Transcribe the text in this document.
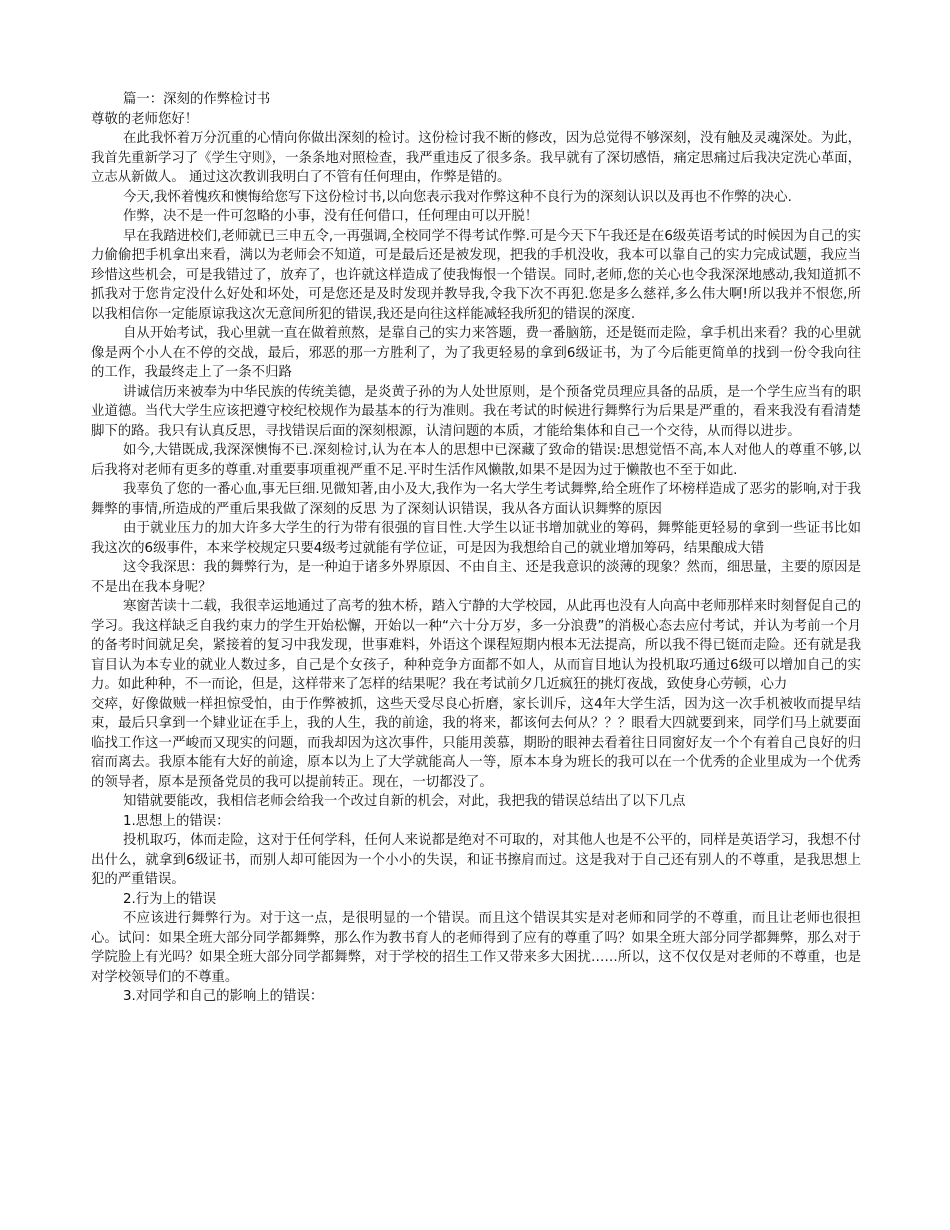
篇一：深刻的作弊检讨书

尊敬的老师您好！

在此我怀着万分沉重的心情向你做出深刻的检讨。这份检讨我不断的修改，因为总觉得不够深刻，没有触及灵魂深处。为此，我首先重新学习了《学生守则》，一条条地对照检查，我严重违反了很多条。我早就有了深切感悟，痛定思痛过后我决定洗心革面，立志从新做人。 通过这次教训我明白了不管有任何理由，作弊是错的。

今天,我怀着愧疚和懊悔给您写下这份检讨书,以向您表示我对作弊这种不良行为的深刻认识以及再也不作弊的决心.

作弊，决不是一件可忽略的小事，没有任何借口，任何理由可以开脱！

早在我踏进校们,老师就已三申五令,一再强调,全校同学不得考试作弊.可是今天下午我还是在6级英语考试的时候因为自己的实力偷偷把手机拿出来看，满以为老师会不知道，可是最后还是被发现，把我的手机没收，我本可以靠自己的实力完成试题，我应当珍惜这些机会，可是我错过了，放弃了，也许就这样造成了使我悔恨一个错误。同时,老师,您的关心也令我深深地感动,我知道抓不抓我对于您肯定没什么好处和坏处，可是您还是及时发现并教导我,令我下次不再犯.您是多么慈祥,多么伟大啊!所以我并不恨您,所以我相信你一定能原谅我这次无意间所犯的错误,我还是向往这样能减轻我所犯的错误的深度.

自从开始考试，我心里就一直在做着煎熬，是靠自己的实力来答题，费一番脑筋，还是铤而走险，拿手机出来看？我的心里就像是两个小人在不停的交战，最后，邪恶的那一方胜利了，为了我更轻易的拿到6级证书，为了今后能更简单的找到一份令我向往的工作，我最终走上了一条不归路

讲诚信历来被奉为中华民族的传统美德，是炎黄子孙的为人处世原则，是个预备党员理应具备的品质，是一个学生应当有的职业道德。当代大学生应该把遵守校纪校规作为最基本的行为准则。我在考试的时候进行舞弊行为后果是严重的，看来我没有看清楚脚下的路。我只有认真反思，寻找错误后面的深刻根源，认清问题的本质，才能给集体和自己一个交待，从而得以进步。

如今,大错既成,我深深懊悔不已.深刻检讨,认为在本人的思想中已深藏了致命的错误:思想觉悟不高,本人对他人的尊重不够,以后我将对老师有更多的尊重.对重要事项重视严重不足.平时生活作风懒散,如果不是因为过于懒散也不至于如此.

我辜负了您的一番心血,事无巨细.见微知著,由小及大,我作为一名大学生考试舞弊,给全班作了坏榜样造成了恶劣的影响,对于我舞弊的事情,所造成的严重后果我做了深刻的反思 为了深刻认识错误，我从各方面认识舞弊的原因

由于就业压力的加大许多大学生的行为带有很强的盲目性.大学生以证书增加就业的筹码，舞弊能更轻易的拿到一些证书比如我这次的6级事件，本来学校规定只要4级考过就能有学位证，可是因为我想给自己的就业增加筹码，结果酿成大错

这令我深思：我的舞弊行为，是一种迫于诸多外界原因、不由自主、还是我意识的淡薄的现象？然而，细思量，主要的原因是不是出在我本身呢？

寒窗苦读十二载，我很幸运地通过了高考的独木桥，踏入宁静的大学校园，从此再也没有人向高中老师那样来时刻督促自己的学习。我这样缺乏自我约束力的学生开始松懈，开始以一种“六十分万岁，多一分浪费”的消极心态去应付考试，并认为考前一个月的备考时间就足矣，紧接着的复习中我发现，世事难料，外语这个课程短期内根本无法提高，所以我不得已铤而走险。还有就是我盲目认为本专业的就业人数过多，自己是个女孩子，种种竞争方面都不如人，从而盲目地认为投机取巧通过6级可以增加自己的实力。如此种种，不一而论，但是，这样带来了怎样的结果呢？我在考试前夕几近疯狂的挑灯夜战，致使身心劳顿，心力

交瘁，好像做贼一样担惊受怕，由于作弊被抓，这些天受尽良心折磨，家长训斥，这4年大学生活，因为这一次手机被收而提早结束，最后只拿到一个肄业证在手上，我的人生，我的前途，我的将来，都该何去何从？？？眼看大四就要到来，同学们马上就要面临找工作这一严峻而又现实的问题，而我却因为这次事件，只能用羡慕，期盼的眼神去看着往日同窗好友一个个有着自己良好的归宿而离去。我原本能有大好的前途，原本以为上了大学就能高人一等，原本本身为班长的我可以在一个优秀的企业里成为一个优秀的领导者，原本是预备党员的我可以提前转正。现在，一切都没了。

知错就要能改，我相信老师会给我一个改过自新的机会，对此，我把我的错误总结出了以下几点

1.思想上的错误：

投机取巧，体而走险，这对于任何学科，任何人来说都是绝对不可取的，对其他人也是不公平的，同样是英语学习，我想不付出什么，就拿到6级证书，而别人却可能因为一个小小的失误，和证书擦肩而过。这是我对于自己还有别人的不尊重，是我思想上犯的严重错误。

2.行为上的错误

不应该进行舞弊行为。对于这一点，是很明显的一个错误。而且这个错误其实是对老师和同学的不尊重，而且让老师也很担心。试问：如果全班大部分同学都舞弊，那么作为教书育人的老师得到了应有的尊重了吗？如果全班大部分同学都舞弊，那么对于学院脸上有光吗？如果全班大部分同学都舞弊，对于学校的招生工作又带来多大困扰……所以，这不仅仅是对老师的不尊重，也是对学校领导们的不尊重。

3.对同学和自己的影响上的错误：
